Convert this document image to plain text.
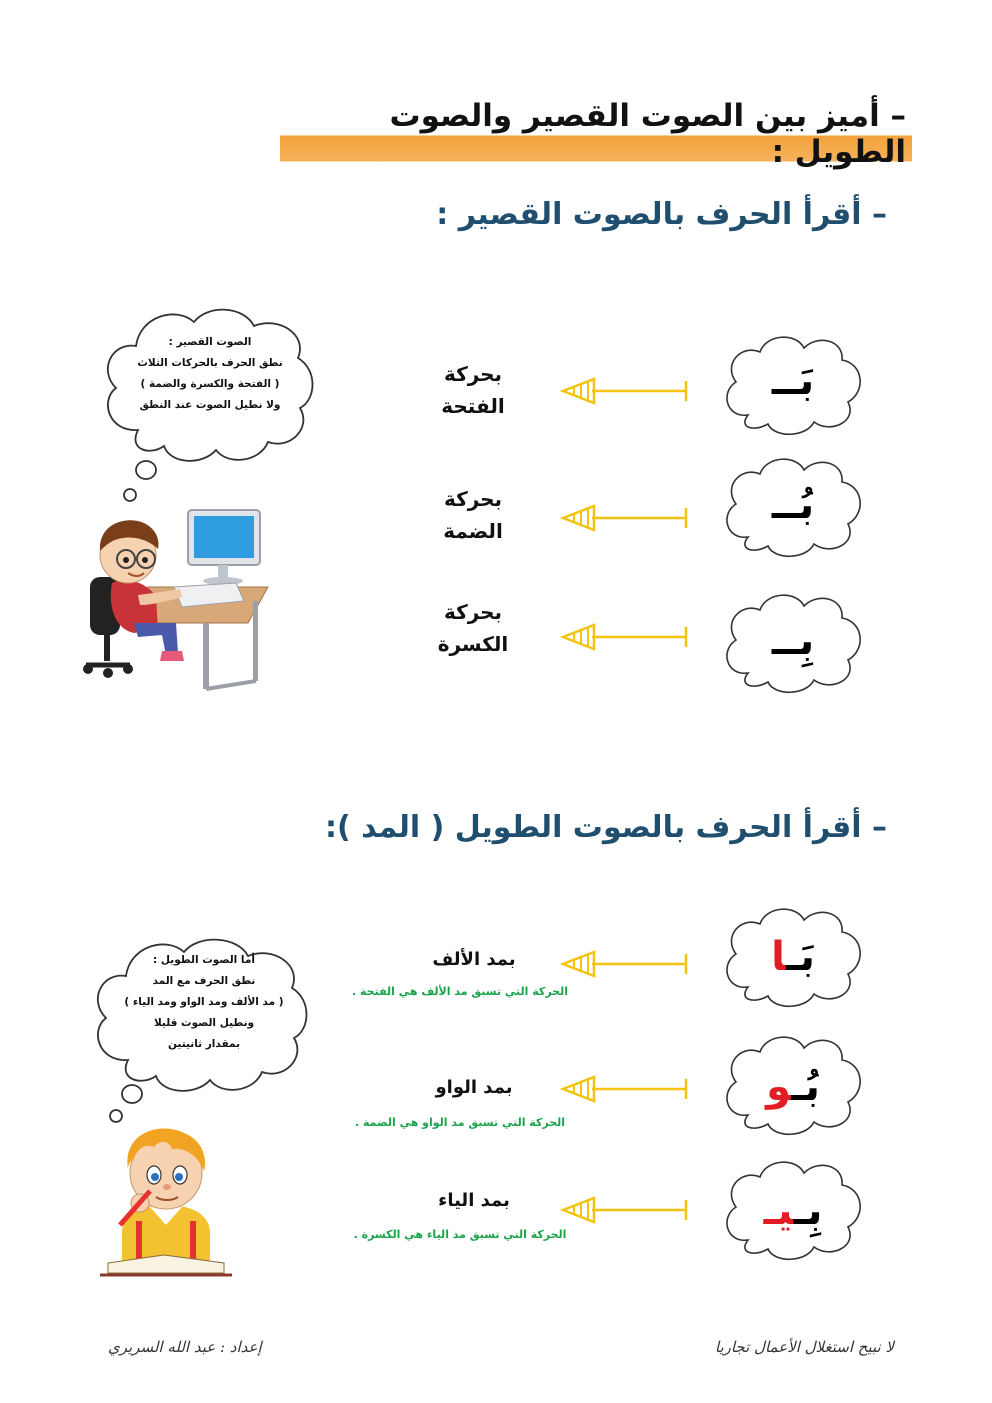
– أميز بين الصوت القصير والصوت الطويل :
– أقرأ الحرف بالصوت القصير :
بَــ
بُــ
بِــ
بحركة
الفتحة
بحركة
الضمة
بحركة
الكسرة
الصوت القصير :
نطق الحرف بالحركات الثلاث
( الفتحة والكسرة والضمة )
ولا نطيل الصوت عند النطق
– أقرأ الحرف بالصوت الطويل ( المد ):
بَـا
بُـو
بِـيـ
بمد الألف
الحركة التي تسبق مد الألف هي الفتحة .
بمد الواو
الحركة التي تسبق مد الواو هي الضمة .
بمد الياء
الحركة التي تسبق مد الياء هي الكسرة .
أما الصوت الطويل :
نطق الحرف مع المد
( مد الألف ومد الواو ومد الياء )
ونطيل الصوت قليلا
بمقدار ثانيتين
لا نبيح استغلال الأعمال تجاريا
إعداد : عبد الله السريري
